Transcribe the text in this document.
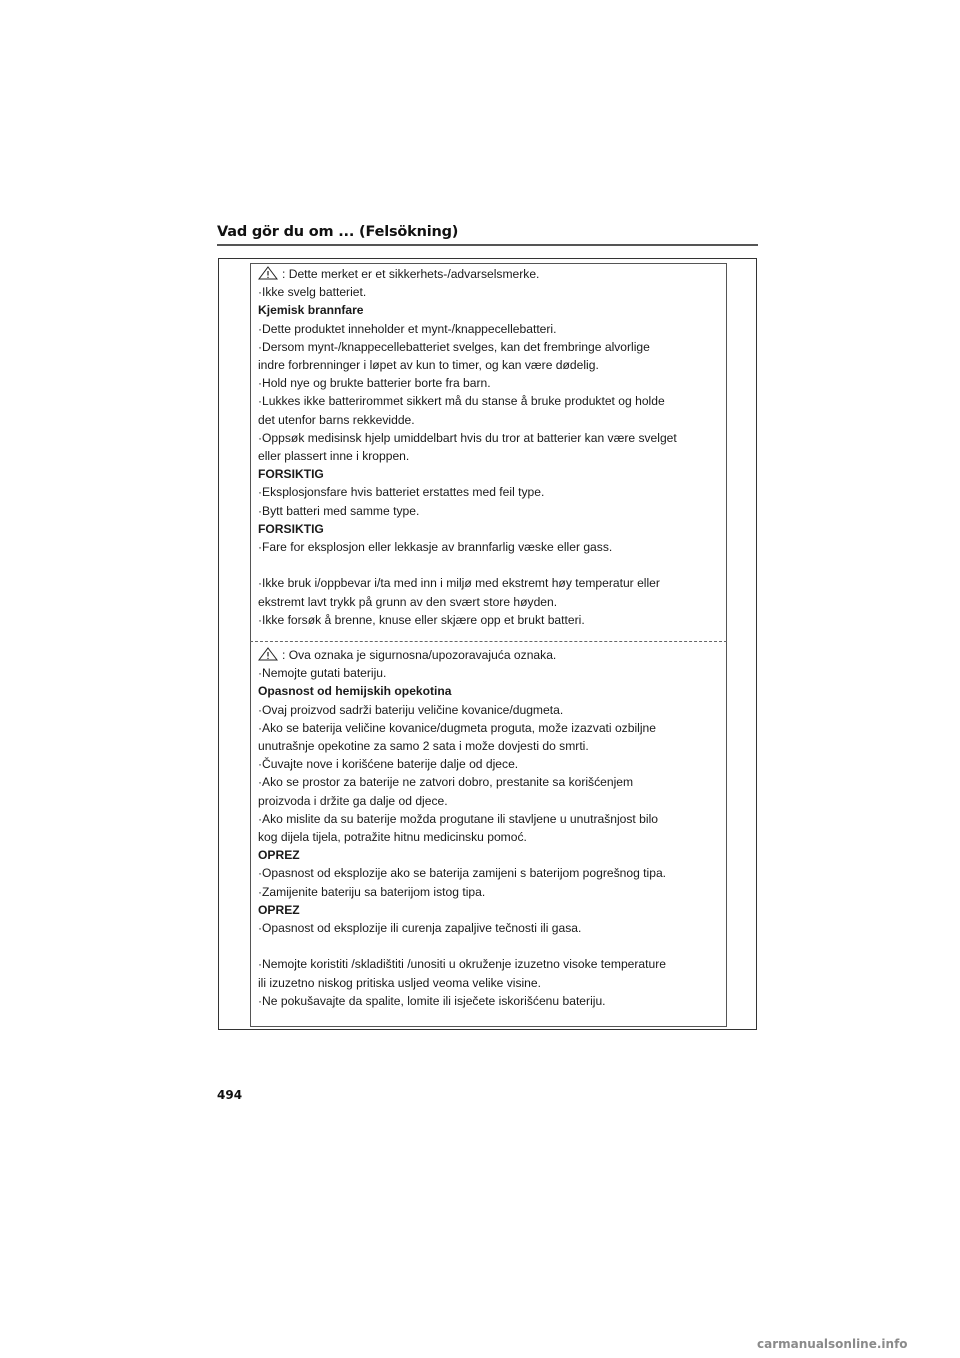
Vad gör du om ... (Felsökning)
: Dette merket er et sikkerhets-/advarselsmerke.
·Ikke svelg batteriet.
Kjemisk brannfare
·Dette produktet inneholder et mynt-/knappecellebatteri.
·Dersom mynt-/knappecellebatteriet svelges, kan det frembringe alvorlige
indre forbrenninger i løpet av kun to timer, og kan være dødelig.
·Hold nye og brukte batterier borte fra barn.
·Lukkes ikke batterirommet sikkert må du stanse å bruke produktet og holde
det utenfor barns rekkevidde.
·Oppsøk medisinsk hjelp umiddelbart hvis du tror at batterier kan være svelget
eller plassert inne i kroppen.
FORSIKTIG
·Eksplosjonsfare hvis batteriet erstattes med feil type.
·Bytt batteri med samme type.
FORSIKTIG
·Fare for eksplosjon eller lekkasje av brannfarlig væske eller gass.
·Ikke bruk i/oppbevar i/ta med inn i miljø med ekstremt høy temperatur eller
ekstremt lavt trykk på grunn av den svært store høyden.
·Ikke forsøk å brenne, knuse eller skjære opp et brukt batteri.
: Ova oznaka je sigurnosna/upozoravajuća oznaka.
·Nemojte gutati bateriju.
Opasnost od hemijskih opekotina
·Ovaj proizvod sadrži bateriju veličine kovanice/dugmeta.
·Ako se baterija veličine kovanice/dugmeta proguta, može izazvati ozbiljne
unutrašnje opekotine za samo 2 sata i može dovjesti do smrti.
·Čuvajte nove i korišćene baterije dalje od djece.
·Ako se prostor za baterije ne zatvori dobro, prestanite sa korišćenjem
proizvoda i držite ga dalje od djece.
·Ako mislite da su baterije možda progutane ili stavljene u unutrašnjost bilo
kog dijela tijela, potražite hitnu medicinsku pomoć.
OPREZ
·Opasnost od eksplozije ako se baterija zamijeni s baterijom pogrešnog tipa.
·Zamijenite bateriju sa baterijom istog tipa.
OPREZ
·Opasnost od eksplozije ili curenja zapaljive tečnosti ili gasa.
·Nemojte koristiti /skladištiti /unositi u okruženje izuzetno visoke temperature
ili izuzetno niskog pritiska usljed veoma velike visine.
·Ne pokušavajte da spalite, lomite ili isječete iskorišćenu bateriju.
494
carmanualsonline.info
